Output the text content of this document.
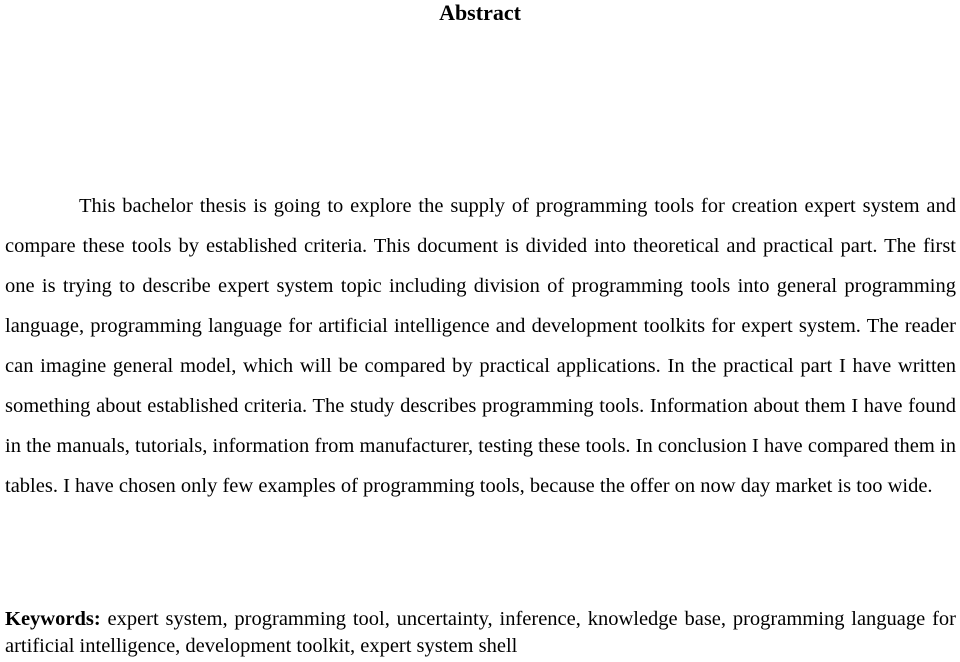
Abstract

This bachelor thesis is going to explore the supply of programming tools for creation expert system and compare these tools by established criteria. This document is divided into theoretical and practical part. The first one is trying to describe expert system topic including division of programming tools into general programming language, programming language for artificial intelligence and development toolkits for expert system. The reader can imagine general model, which will be compared by practical applications. In the practical part I have written something about established criteria. The study describes programming tools. Information about them I have found in the manuals, tutorials, information from manufacturer, testing these tools. In conclusion I have compared them in tables. I have chosen only few examples of programming tools, because the offer on now day market is too wide.

Keywords: expert system, programming tool, uncertainty, inference, knowledge base, programming language for artificial intelligence, development toolkit, expert system shell
